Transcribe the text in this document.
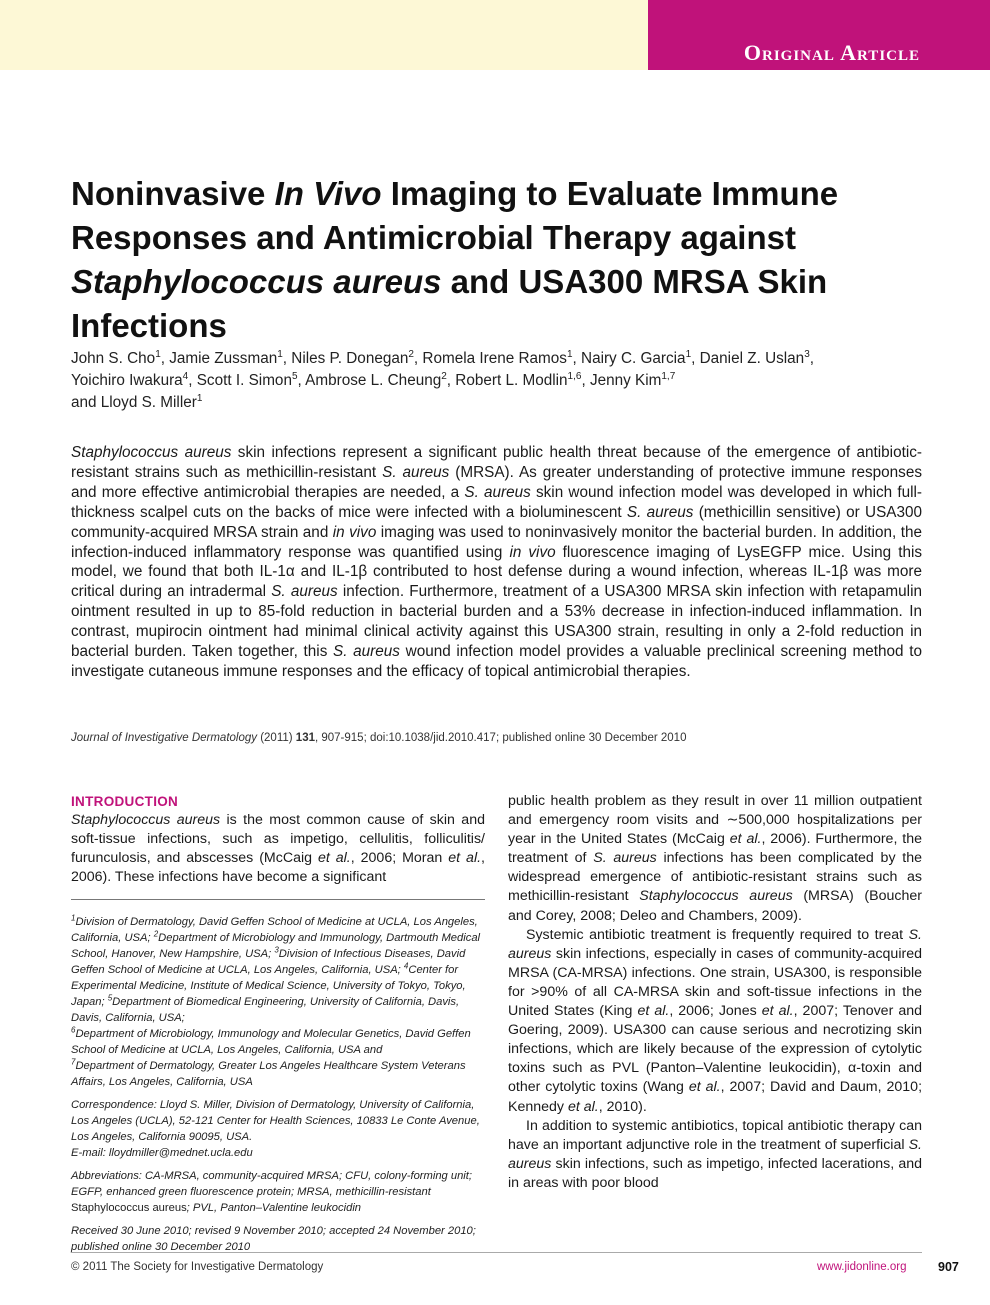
Original Article
Noninvasive In Vivo Imaging to Evaluate Immune Responses and Antimicrobial Therapy against
Staphylococcus aureus and USA300 MRSA Skin Infections
John S. Cho$^1$, Jamie Zussman$^1$, Niles P. Donegan$^2$, Romela Irene Ramos$^1$, Nairy C. Garcia$^1$, Daniel Z. Uslan$^3$,
Yoichiro Iwakura$^4$, Scott I. Simon$^5$, Ambrose L. Cheung$^2$, Robert L. Modlin$^{1,6}$, Jenny Kim$^{1,7}$
and Lloyd S. Miller$^1$
Staphylococcus aureus skin infections represent a significant public health threat because of the emergence of antibiotic-resistant strains such as methicillin-resistant S. aureus (MRSA). As greater understanding of protective immune responses and more effective antimicrobial therapies are needed, a S. aureus skin wound infection model was developed in which full-thickness scalpel cuts on the backs of mice were infected with a bioluminescent S. aureus (methicillin sensitive) or USA300 community-acquired MRSA strain and in vivo imaging was used to noninvasively monitor the bacterial burden. In addition, the infection-induced inflammatory response was quantified using in vivo fluorescence imaging of LysEGFP mice. Using this model, we found that both IL-1α and IL-1β contributed to host defense during a wound infection, whereas IL-1β was more critical during an intradermal S. aureus infection. Furthermore, treatment of a USA300 MRSA skin infection with retapamulin ointment resulted in up to 85-fold reduction in bacterial burden and a 53% decrease in infection-induced inflammation. In contrast, mupirocin ointment had minimal clinical activity against this USA300 strain, resulting in only a 2-fold reduction in bacterial burden. Taken together, this S. aureus wound infection model provides a valuable preclinical screening method to investigate cutaneous immune responses and the efficacy of topical antimicrobial therapies.
Journal of Investigative Dermatology (2011) 131, 907-915; doi:10.1038/jid.2010.417; published online 30 December 2010
INTRODUCTION

Staphylococcus aureus is the most common cause of skin and soft-tissue infections, such as impetigo, cellulitis, folliculitis/ furunculosis, and abscesses (McCaig et al., 2006; Moran et al., 2006). These infections have become a significant

$^1$Division of Dermatology, David Geffen School of Medicine at UCLA, Los Angeles, California, USA; $^2$Department of Microbiology and Immunology, Dartmouth Medical School, Hanover, New Hampshire, USA; $^3$Division of Infectious Diseases, David Geffen School of Medicine at UCLA, Los Angeles, California, USA; $^4$Center for Experimental Medicine, Institute of Medical Science, University of Tokyo, Tokyo, Japan; $^5$Department of Biomedical Engineering, University of California, Davis, Davis, California, USA;
$^6$Department of Microbiology, Immunology and Molecular Genetics, David Geffen School of Medicine at UCLA, Los Angeles, California, USA and
$^7$Department of Dermatology, Greater Los Angeles Healthcare System Veterans Affairs, Los Angeles, California, USA

Correspondence: Lloyd S. Miller, Division of Dermatology, University of California, Los Angeles (UCLA), 52-121 Center for Health Sciences, 10833 Le Conte Avenue, Los Angeles, California 90095, USA.
E-mail: lloydmiller@mednet.ucla.edu

Abbreviations: CA-MRSA, community-acquired MRSA; CFU, colony-forming unit; EGFP, enhanced green fluorescence protein; MRSA, methicillin-resistant Staphylococcus aureus; PVL, Panton–Valentine leukocidin

Received 30 June 2010; revised 9 November 2010; accepted 24 November 2010; published online 30 December 2010

public health problem as they result in over 11 million outpatient and emergency room visits and ∼500,000 hospitalizations per year in the United States (McCaig et al., 2006). Furthermore, the treatment of S. aureus infections has been complicated by the widespread emergence of antibiotic-resistant strains such as methicillin-resistant Staphylococcus aureus (MRSA) (Boucher and Corey, 2008; Deleo and Chambers, 2009).

Systemic antibiotic treatment is frequently required to treat S. aureus skin infections, especially in cases of community-acquired MRSA (CA-MRSA) infections. One strain, USA300, is responsible for >90% of all CA-MRSA skin and soft-tissue infections in the United States (King et al., 2006; Jones et al., 2007; Tenover and Goering, 2009). USA300 can cause serious and necrotizing skin infections, which are likely because of the expression of cytolytic toxins such as PVL (Panton–Valentine leukocidin), α-toxin and other cytolytic toxins (Wang et al., 2007; David and Daum, 2010; Kennedy et al., 2010).

In addition to systemic antibiotics, topical antibiotic therapy can have an important adjunctive role in the treatment of superficial S. aureus skin infections, such as impetigo, infected lacerations, and in areas with poor blood

© 2011 The Society for Investigative Dermatology	www.jidonline.org	907
